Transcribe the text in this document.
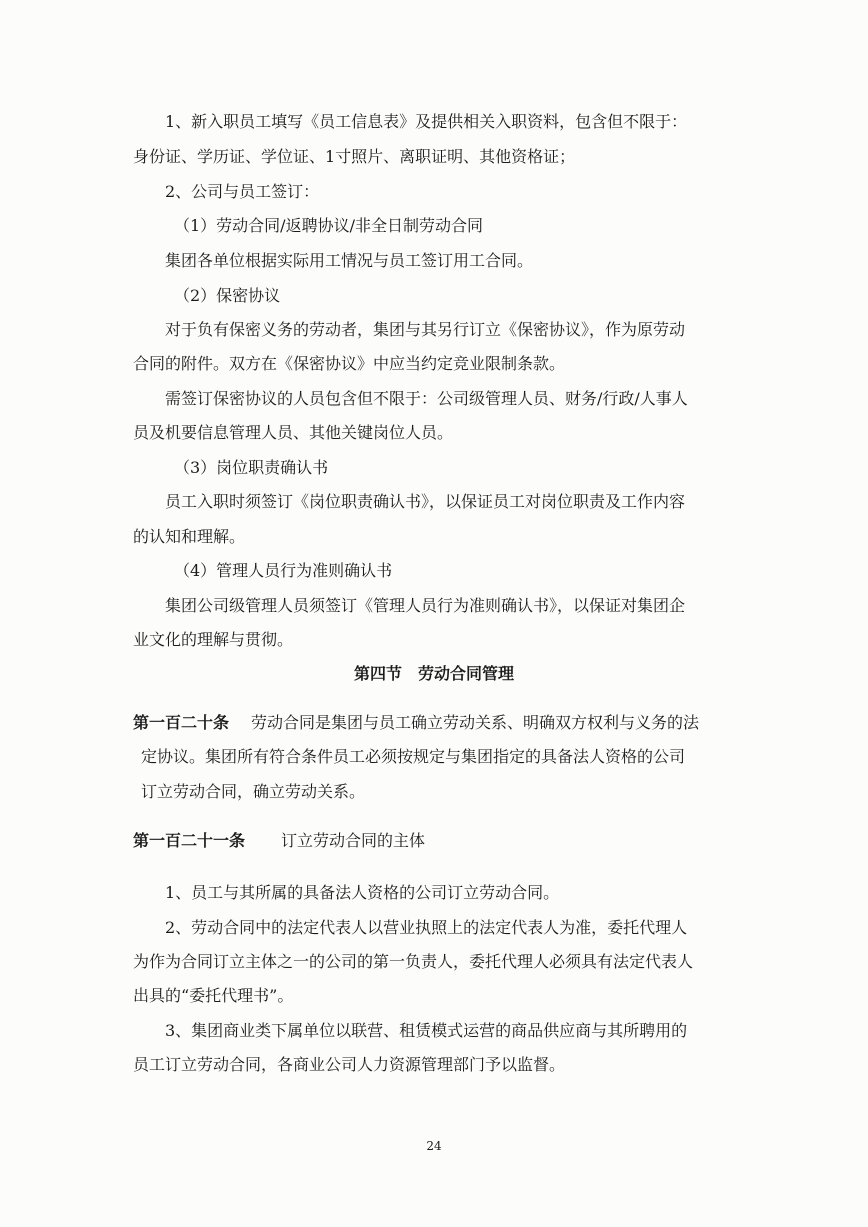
1、新入职员工填写《员工信息表》及提供相关入职资料，包含但不限于：

身份证、学历证、学位证、1寸照片、离职证明、其他资格证；

2、公司与员工签订：

（1）劳动合同/返聘协议/非全日制劳动合同

集团各单位根据实际用工情况与员工签订用工合同。

（2）保密协议

对于负有保密义务的劳动者，集团与其另行订立《保密协议》，作为原劳动

合同的附件。双方在《保密协议》中应当约定竞业限制条款。

需签订保密协议的人员包含但不限于：公司级管理人员、财务/行政/人事人

员及机要信息管理人员、其他关键岗位人员。

（3）岗位职责确认书

员工入职时须签订《岗位职责确认书》，以保证员工对岗位职责及工作内容

的认知和理解。

（4）管理人员行为准则确认书

集团公司级管理人员须签订《管理人员行为准则确认书》，以保证对集团企

业文化的理解与贯彻。

第四节　劳动合同管理

第一百二十条 劳动合同是集团与员工确立劳动关系、明确双方权利与义务的法

定协议。集团所有符合条件员工必须按规定与集团指定的具备法人资格的公司

订立劳动合同，确立劳动关系。

第一百二十一条 订立劳动合同的主体

1、员工与其所属的具备法人资格的公司订立劳动合同。

2、劳动合同中的法定代表人以营业执照上的法定代表人为准，委托代理人

为作为合同订立主体之一的公司的第一负责人，委托代理人必须具有法定代表人

出具的“委托代理书”。

3、集团商业类下属单位以联营、租赁模式运营的商品供应商与其所聘用的

员工订立劳动合同，各商业公司人力资源管理部门予以监督。

24
